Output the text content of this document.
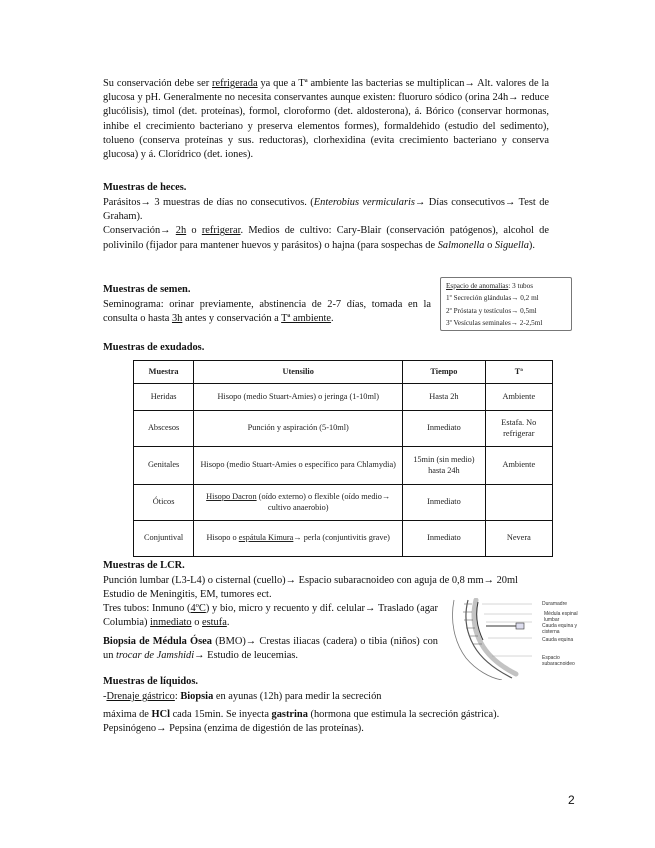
Su conservación debe ser refrigerada ya que a Tª ambiente las bacterias se multiplican→ Alt. valores de la glucosa y pH. Generalmente no necesita conservantes aunque existen: fluoruro sódico (orina 24h→ reduce glucólisis), timol (det. proteínas), formol, cloroformo (det. aldosterona), á. Bórico (conservar hormonas, inhibe el crecimiento bacteriano y preserva elementos formes), formaldehido (estudio del sedimento), tolueno (conserva proteínas y sus. reductoras), clorhexidina (evita crecimiento bacteriano y conserva glucosa) y á. Clorídrico (det. iones).
Muestras de heces.
Parásitos→ 3 muestras de días no consecutivos. (Enterobius vermicularis→ Días consecutivos→ Test de Graham).
Conservación→ 2h o refrigerar. Medios de cultivo: Cary-Blair (conservación patógenos), alcohol de polivinilo (fijador para mantener huevos y parásitos) o hajna (para sospechas de Salmonella o Siguella).
Muestras de semen.
Seminograma: orinar previamente, abstinencia de 2-7 días, tomada en la consulta o hasta 3h antes y conservación a Tª ambiente.
Espacio de anomalías: 3 tubos
1º Secreción glándulas→ 0,2 ml
2º Próstata y testículos→ 0,5ml
3º Vesículas seminales→ 2-2,5ml
Muestras de exudados.
Muestra	Utensilio	Tiempo	Tª
Heridas	Hisopo (medio Stuart-Amies) o jeringa (1-10ml)	Hasta 2h	Ambiente
Abscesos	Punción y aspiración (5-10ml)	Inmediato	Estafa. No refrigerar
Genitales	Hisopo (medio Stuart-Amies o específico para Chlamydia)	15min (sin medio) hasta 24h	Ambiente
Óticos	Hisopo Dacron (oído externo) o flexible (oído medio→ cultivo anaerobio)	Inmediato	
Conjuntival	Hisopo o espátula Kimura→ perla (conjuntivitis grave)	Inmediato	Nevera
Muestras de LCR.
Punción lumbar (L3-L4) o cisternal (cuello)→ Espacio subaracnoideo con aguja de 0,8 mm→ 20ml
Estudio de Meningitis, EM, tumores ect.
Tres tubos: Inmuno (4ºC) y bio, micro y recuento y dif. celular→ Traslado (agar Columbia) inmediato o estufa.
Biopsia de Médula Ósea (BMO)→ Crestas iliacas (cadera) o tibia (niños) con un trocar de Jamshidi→ Estudio de leucemias.
Duramadre
Médula espinal lumbar
Cauda equina y cisterna
Cauda equina
Espacio subaracnoideo
Muestras de líquidos.
-Drenaje gástrico: Biopsia en ayunas (12h) para medir la secreción
máxima de HCl cada 15min. Se inyecta gastrina (hormona que estimula la secreción gástrica).
Pepsinógeno→ Pepsina (enzima de digestión de las proteínas).
2
